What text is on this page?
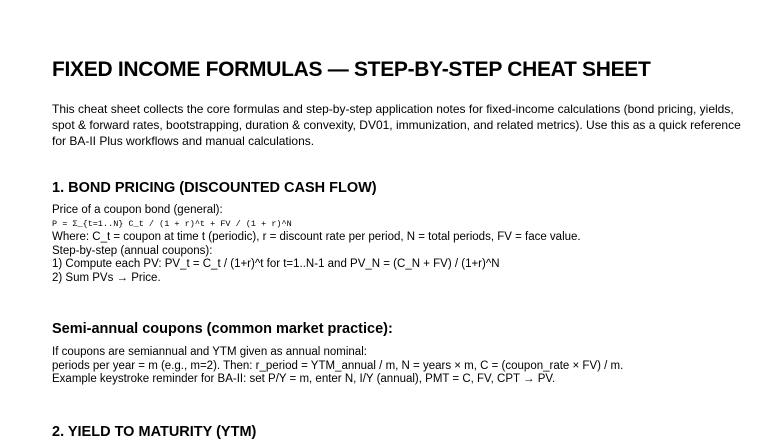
FIXED INCOME FORMULAS — STEP-BY-STEP CHEAT SHEET
This cheat sheet collects the core formulas and step-by-step application notes for fixed-income calculations (bond pricing, yields, spot & forward rates, bootstrapping, duration & convexity, DV01, immunization, and related metrics). Use this as a quick reference for BA-II Plus workflows and manual calculations.
1. BOND PRICING (DISCOUNTED CASH FLOW)
Price of a coupon bond (general):
P = Σ_{t=1..N} C_t / (1 + r)^t + FV / (1 + r)^N
Where: C_t = coupon at time t (periodic), r = discount rate per period, N = total periods, FV = face value.
Step-by-step (annual coupons):
1) Compute each PV: PV_t = C_t / (1+r)^t for t=1..N-1 and PV_N = (C_N + FV) / (1+r)^N
2) Sum PVs → Price.
Semi-annual coupons (common market practice):
If coupons are semiannual and YTM given as annual nominal:
periods per year = m (e.g., m=2). Then: r_period = YTM_annual / m, N = years × m, C = (coupon_rate × FV) / m.
Example keystroke reminder for BA-II: set P/Y = m, enter N, I/Y (annual), PMT = C, FV, CPT → PV.
2. YIELD TO MATURITY (YTM)
